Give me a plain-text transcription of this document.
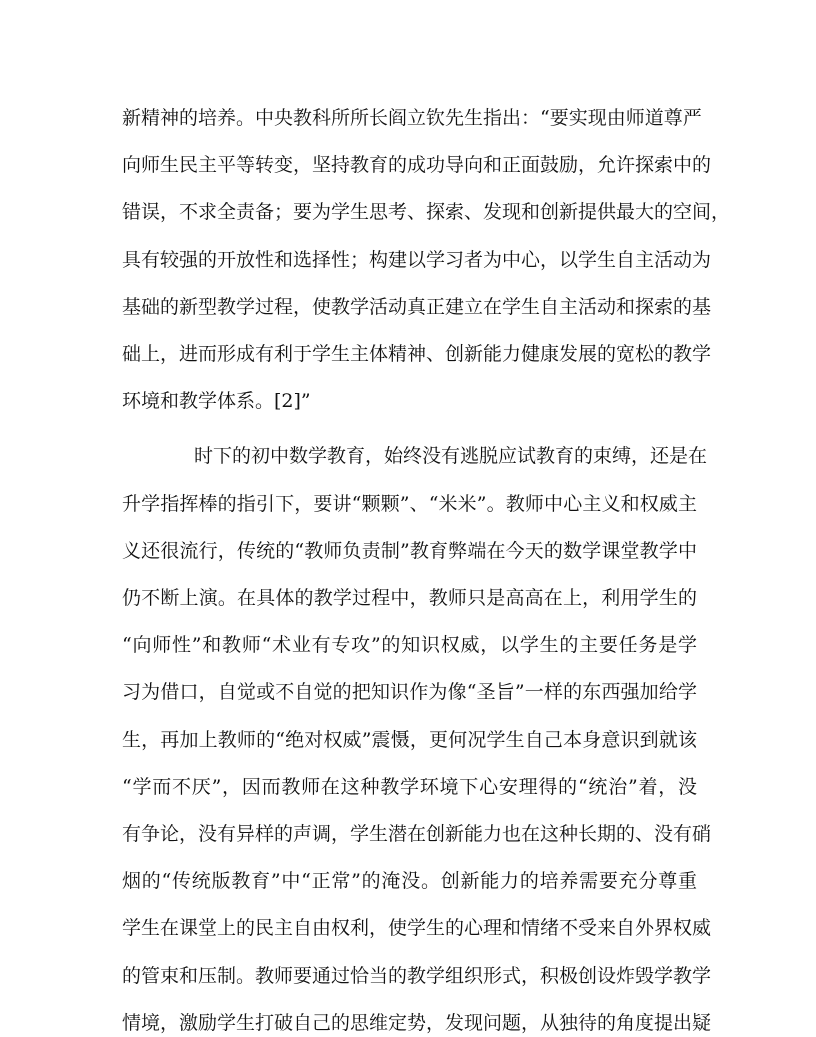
新精神的培养。中央教科所所长阎立钦先生指出：“要实现由师道尊严
向师生民主平等转变，坚持教育的成功导向和正面鼓励，允许探索中的
错误，不求全责备；要为学生思考、探索、发现和创新提供最大的空间，
具有较强的开放性和选择性；构建以学习者为中心，以学生自主活动为
基础的新型教学过程，使教学活动真正建立在学生自主活动和探索的基
础上，进而形成有利于学生主体精神、创新能力健康发展的宽松的教学
环境和教学体系。[2]”
时下的初中数学教育，始终没有逃脱应试教育的束缚，还是在
升学指挥棒的指引下，要讲“颗颗”、“米米”。教师中心主义和权威主
义还很流行，传统的“教师负责制”教育弊端在今天的数学课堂教学中
仍不断上演。在具体的教学过程中，教师只是高高在上，利用学生的
“向师性”和教师“术业有专攻”的知识权威，以学生的主要任务是学
习为借口，自觉或不自觉的把知识作为像“圣旨”一样的东西强加给学
生，再加上教师的“绝对权威”震慑，更何况学生自己本身意识到就该
“学而不厌”，因而教师在这种教学环境下心安理得的“统治”着，没
有争论，没有异样的声调，学生潜在创新能力也在这种长期的、没有硝
烟的“传统版教育”中“正常”的淹没。创新能力的培养需要充分尊重
学生在课堂上的民主自由权利，使学生的心理和情绪不受来自外界权威
的管束和压制。教师要通过恰当的教学组织形式，积极创设炸毁学教学
情境，激励学生打破自己的思维定势，发现问题，从独待的角度提出疑
